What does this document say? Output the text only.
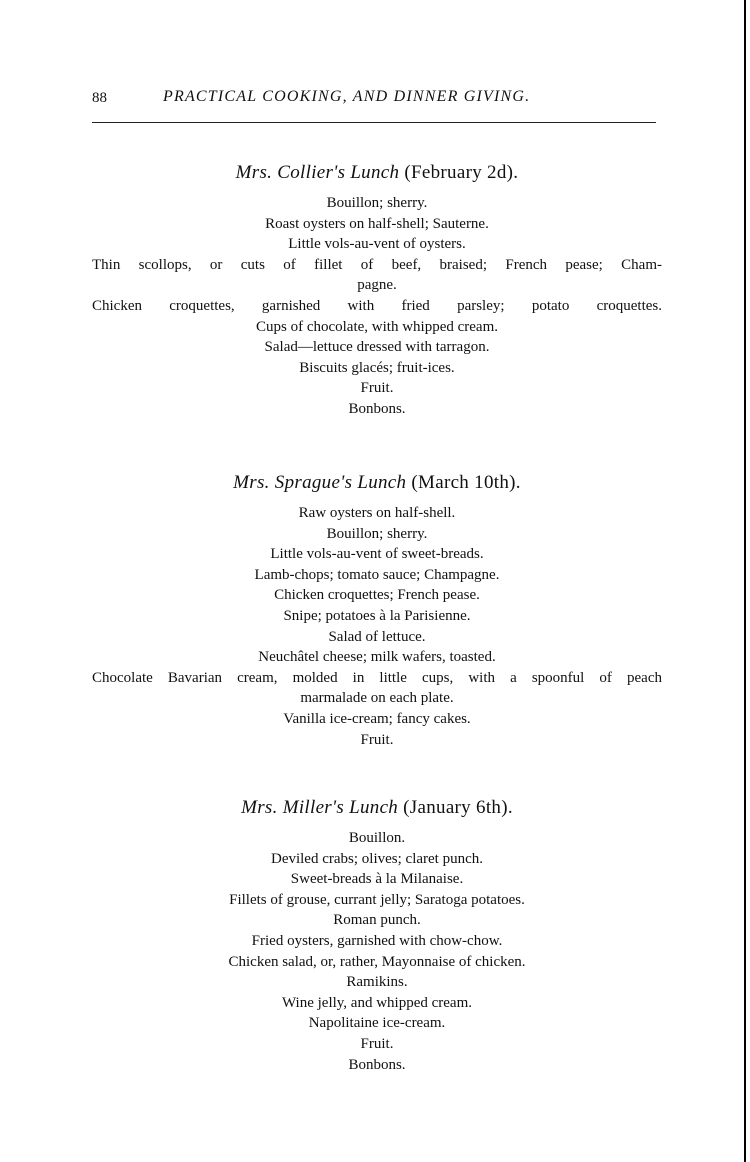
88	PRACTICAL COOKING, AND DINNER GIVING.
Mrs. Collier's Lunch (February 2d).
Bouillon; sherry.
Roast oysters on half-shell; Sauterne.
Little vols-au-vent of oysters.
Thin scollops, or cuts of fillet of beef, braised; French pease; Cham-
pagne.
Chicken croquettes, garnished with fried parsley; potato croquettes.
Cups of chocolate, with whipped cream.
Salad—lettuce dressed with tarragon.
Biscuits glacés; fruit-ices.
Fruit.
Bonbons.
Mrs. Sprague's Lunch (March 10th).
Raw oysters on half-shell.
Bouillon; sherry.
Little vols-au-vent of sweet-breads.
Lamb-chops; tomato sauce; Champagne.
Chicken croquettes; French pease.
Snipe; potatoes à la Parisienne.
Salad of lettuce.
Neuchâtel cheese; milk wafers, toasted.
Chocolate Bavarian cream, molded in little cups, with a spoonful of peach
marmalade on each plate.
Vanilla ice-cream; fancy cakes.
Fruit.
Mrs. Miller's Lunch (January 6th).
Bouillon.
Deviled crabs; olives; claret punch.
Sweet-breads à la Milanaise.
Fillets of grouse, currant jelly; Saratoga potatoes.
Roman punch.
Fried oysters, garnished with chow-chow.
Chicken salad, or, rather, Mayonnaise of chicken.
Ramikins.
Wine jelly, and whipped cream.
Napolitaine ice-cream.
Fruit.
Bonbons.
